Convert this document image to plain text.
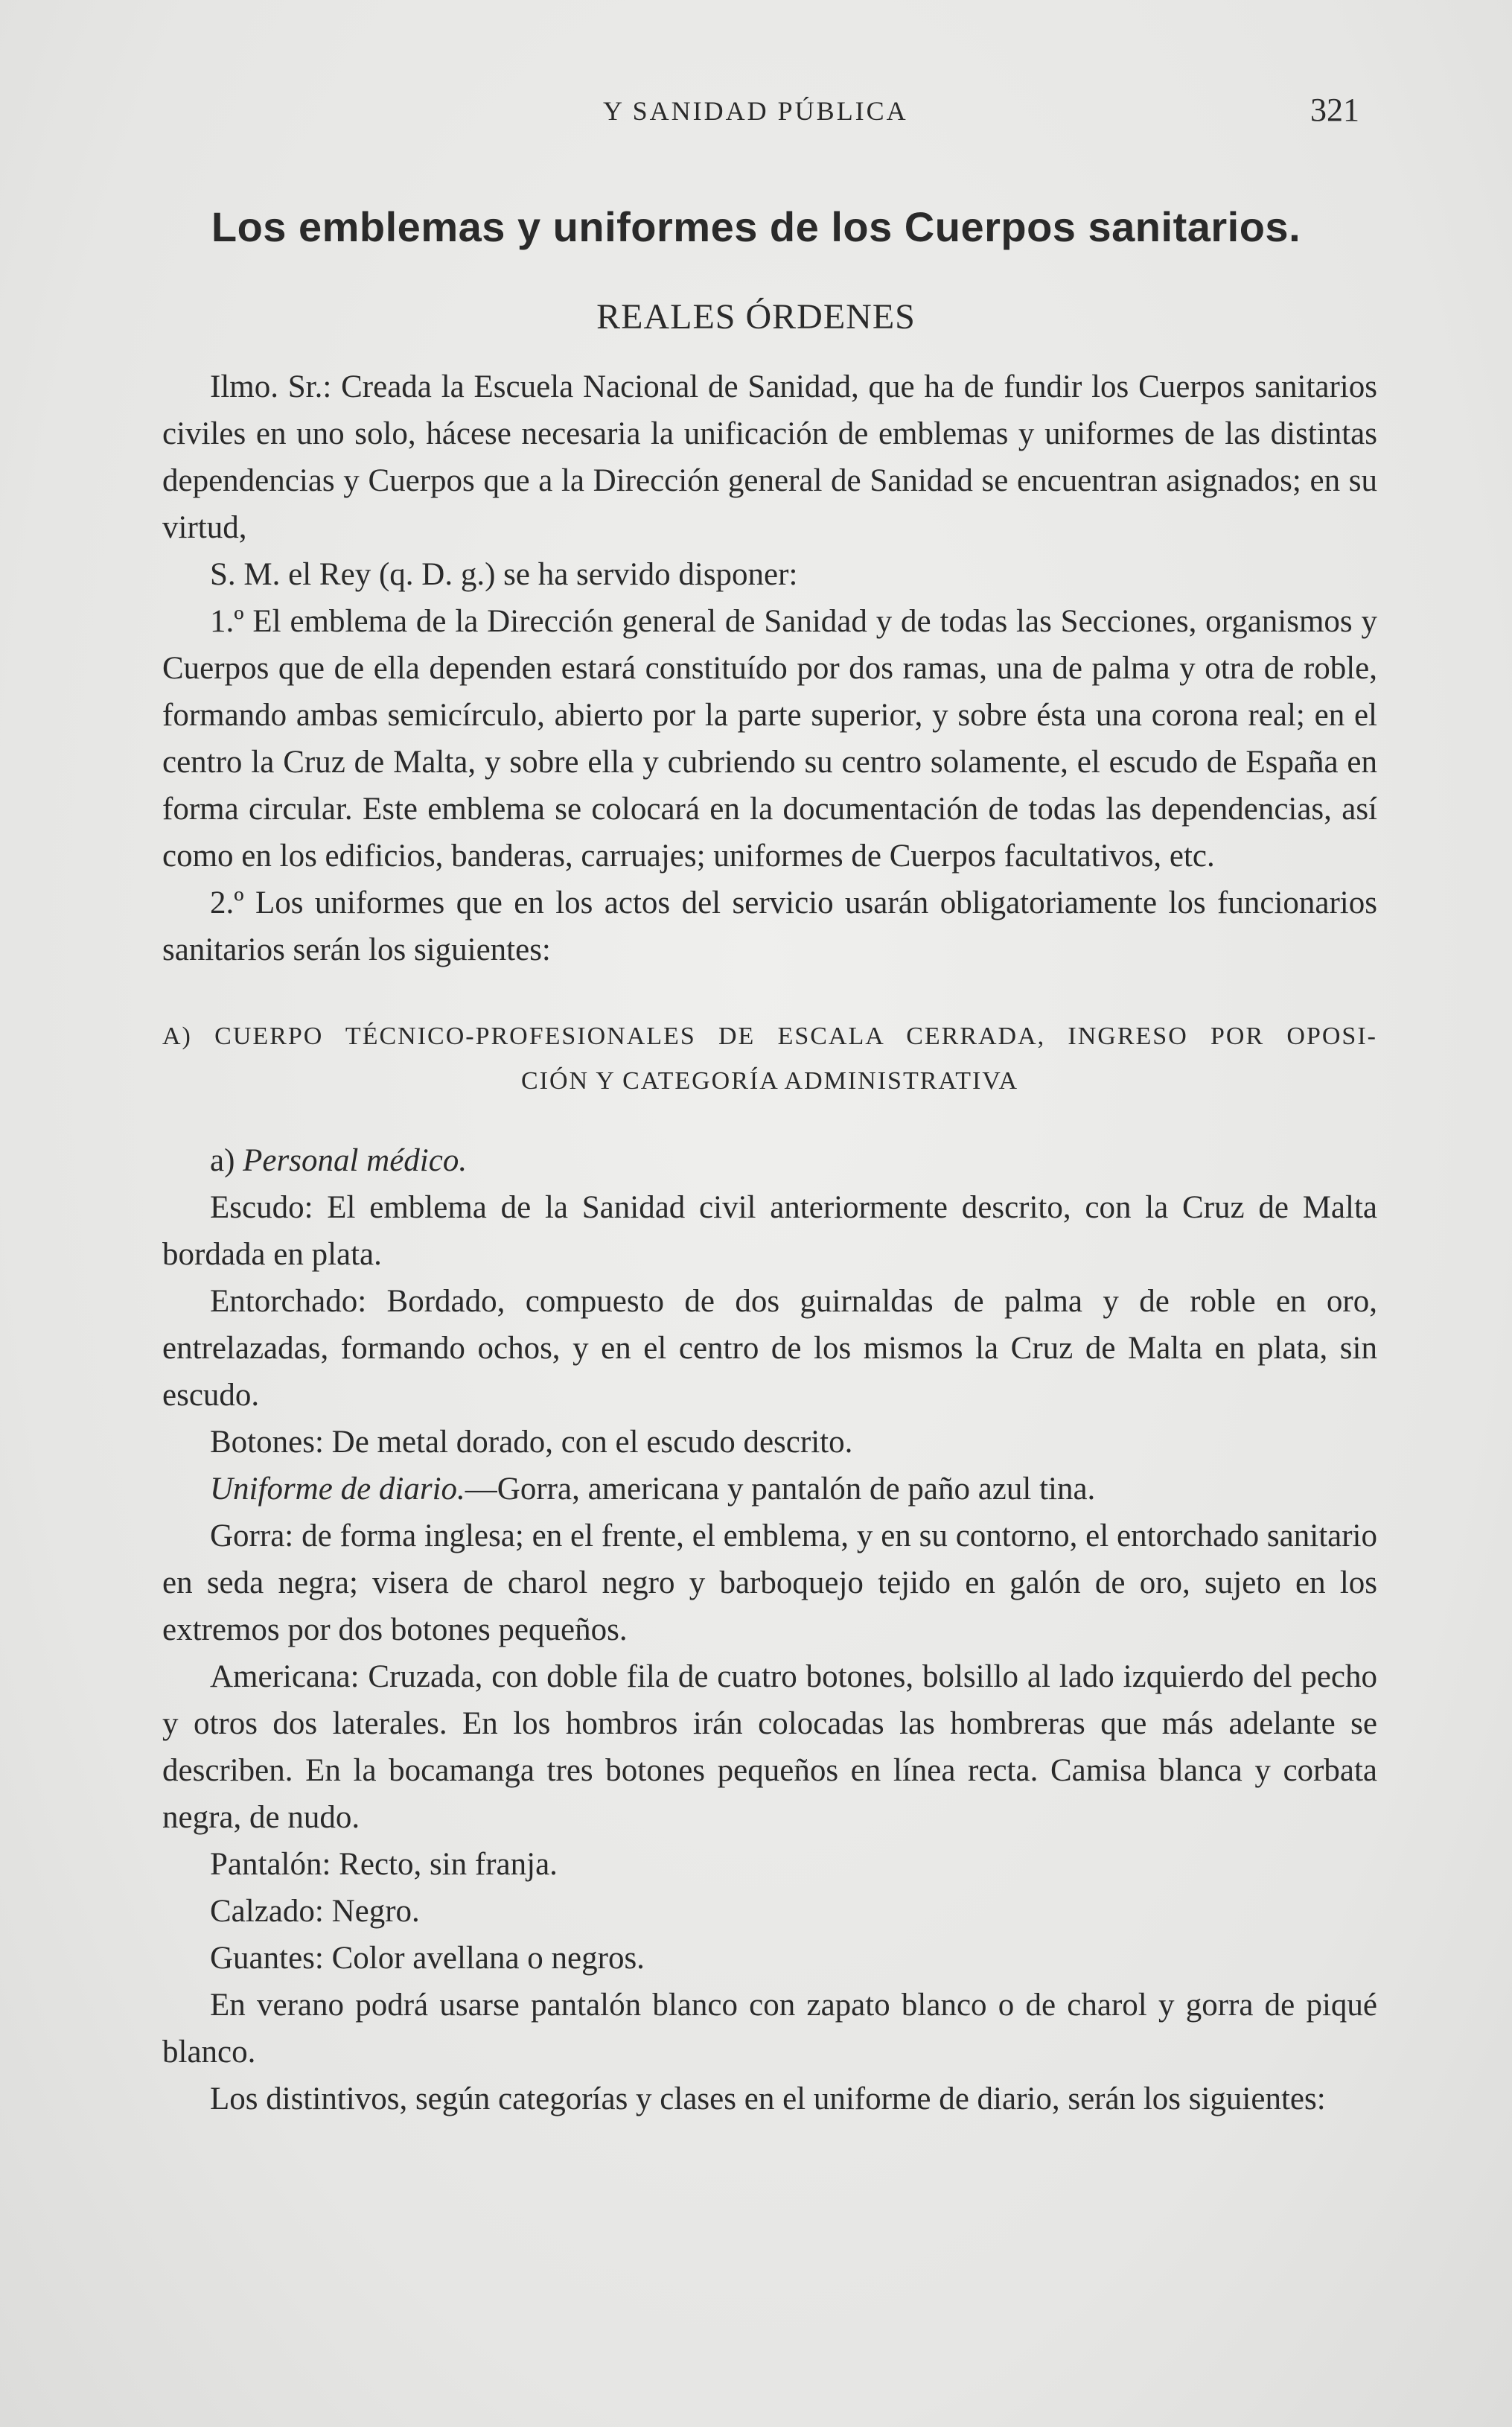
Y SANIDAD PÚBLICA	321
Los emblemas y uniformes de los Cuerpos sanitarios.
REALES ÓRDENES

Ilmo. Sr.: Creada la Escuela Nacional de Sanidad, que ha de fundir los Cuerpos sanitarios civiles en uno solo, hácese necesaria la unificación de emblemas y uniformes de las distintas dependencias y Cuerpos que a la Dirección general de Sanidad se encuentran asignados; en su virtud,

S. M. el Rey (q. D. g.) se ha servido disponer:

1.º El emblema de la Dirección general de Sanidad y de todas las Secciones, organismos y Cuerpos que de ella dependen estará constituído por dos ramas, una de palma y otra de roble, formando ambas semicírculo, abierto por la parte superior, y sobre ésta una corona real; en el centro la Cruz de Malta, y sobre ella y cubriendo su centro solamente, el escudo de España en forma circular. Este emblema se colocará en la documentación de todas las dependencias, así como en los edificios, banderas, carruajes; uniformes de Cuerpos facultativos, etc.

2.º Los uniformes que en los actos del servicio usarán obligatoriamente los funcionarios sanitarios serán los siguientes:

A) CUERPO TÉCNICO-PROFESIONALES DE ESCALA CERRADA, INGRESO POR OPOSI-
CIÓN Y CATEGORÍA ADMINISTRATIVA

a) Personal médico.

Escudo: El emblema de la Sanidad civil anteriormente descrito, con la Cruz de Malta bordada en plata.

Entorchado: Bordado, compuesto de dos guirnaldas de palma y de roble en oro, entrelazadas, formando ochos, y en el centro de los mismos la Cruz de Malta en plata, sin escudo.

Botones: De metal dorado, con el escudo descrito.

Uniforme de diario.—Gorra, americana y pantalón de paño azul tina.

Gorra: de forma inglesa; en el frente, el emblema, y en su contorno, el entorchado sanitario en seda negra; visera de charol negro y barboquejo tejido en galón de oro, sujeto en los extremos por dos botones pequeños.

Americana: Cruzada, con doble fila de cuatro botones, bolsillo al lado izquierdo del pecho y otros dos laterales. En los hombros irán colocadas las hombreras que más adelante se describen. En la bocamanga tres botones pequeños en línea recta. Camisa blanca y corbata negra, de nudo.

Pantalón: Recto, sin franja.

Calzado: Negro.

Guantes: Color avellana o negros.

En verano podrá usarse pantalón blanco con zapato blanco o de charol y gorra de piqué blanco.

Los distintivos, según categorías y clases en el uniforme de diario, serán los siguientes:
